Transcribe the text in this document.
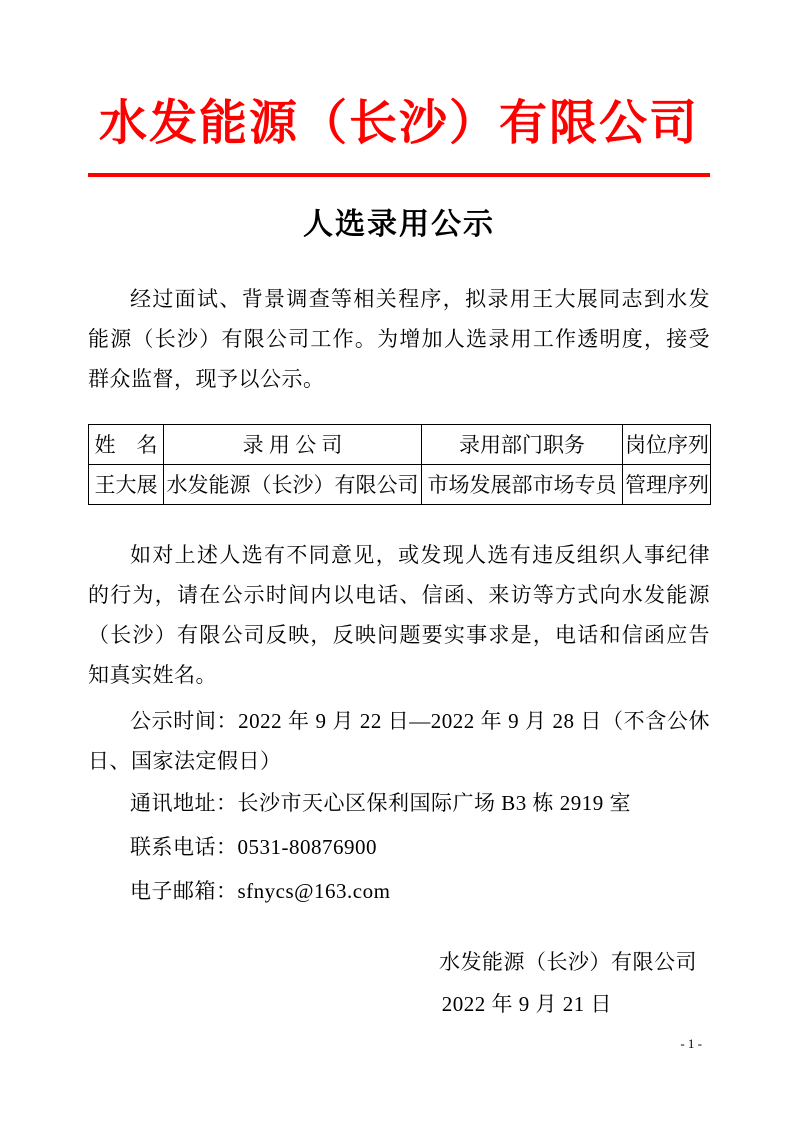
水发能源（长沙）有限公司
人选录用公示

经过面试、背景调查等相关程序，拟录用王大展同志到水发能源（长沙）有限公司工作。为增加人选录用工作透明度，接受群众监督，现予以公示。

姓　名	录 用 公 司	录用部门职务	岗位序列
王大展	水发能源（长沙）有限公司	市场发展部市场专员	管理序列

如对上述人选有不同意见，或发现人选有违反组织人事纪律的行为，请在公示时间内以电话、信函、来访等方式向水发能源（长沙）有限公司反映，反映问题要实事求是，电话和信函应告知真实姓名。

公示时间：2022 年 9 月 22 日—2022 年 9 月 28 日（不含公休日、国家法定假日）

通讯地址：长沙市天心区保利国际广场 B3 栋 2919 室

联系电话：0531-80876900

电子邮箱：sfnycs@163.com

水发能源（长沙）有限公司
2022 年 9 月 21 日
- 1 -
